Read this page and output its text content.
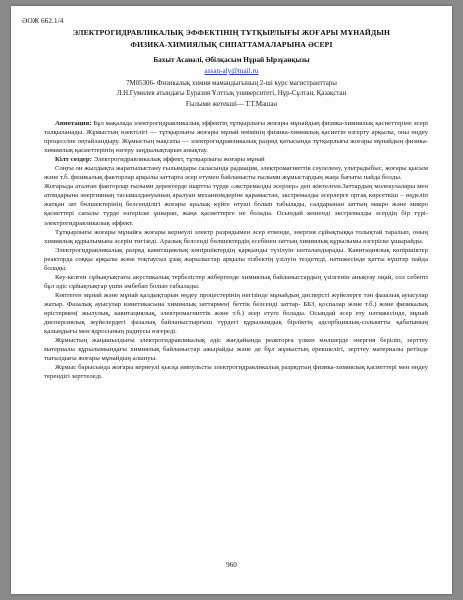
ӘОЖ 662.1/4
ЭЛЕКТРОГИДРАВЛИКАЛЫҚ ЭФФЕКТІНІҢ ТҰТҚЫРЛЫҒЫ ЖОҒАРЫ МҰНАЙДЫН
ФИЗИКА-ХИМИЯЛЫҚ СИПАТТАМАЛАРЫНА ӘСЕРІ
Бахыт Асанәлі, Әбілқасым Нұрай Ырзұанқызы
assan-aly@mail.ru
7М05306- Физикалық химия мамандығының 2-ші курс магистранттары
Л.Н.Гумилев атындағы Еуразия Ұлттық университеті, Нұр-Сұлтан, Қазақстан
Ғылыми жетекші— Т.Т.Машан

Аннотация: Бұл мақалада электрогидравликалық эффектің тұтқырлығы жоғары мұнайдың физика-химиялық қасиеттеріне әсері талқыланады. Жұмыстың өзектілігі — тұтқырлығы жоғары мұнай өнімінің физика-химиялық қасиетін өзгерту арқылы, оны өңдеу процессіне оңтайландыру. Жұмыстың мақсаты — электрогидравликалық разряд қатысында тұтқырлығы жоғары мұнайдың физика-химиялық қасиеттерінің өзгеру заңдылықтарын анықтау.

Кілт сөздер: Электрогидравликалық эффект, тұтқырлығы жоғары мұнай

Соңғы он жылдықта жаратылыстану ғылымдары саласында радиация, электромагниттік сәулелену, ультрадыбыс, жоғары қысым және т.б. физикалық факторлар арқылы заттарға әсер етумен байланысты ғылыми жұмыстардың жаңа бағыты пайда болды.

Жоғарыда аталған факторлар ғылыми деректерде шартты түрде «экстремалды әсерлер» деп жіктелген.Заттардың молекулалары мен атомдарына энергияның тасымалдануының аралуан механизмдеріне қарамастан, экстремалды әсерлерге ортақ көрсеткіш – өңделіп жатқан зат бөлшектерінің белсенділігі жоғары аралық күйге өтуші болып табылады, салдарынан заттың макро және микро қасиеттері сапалы түрде өзгеріске ұшырап, жаңа қасиеттерге не болады. Осындай кешенді экстремалды әсердің бір түрі- электрогидравликалық эффект.

Тұтқырлығы жоғары мұнайға жоғары кернеулі электр разрядымен әсер еткенде, энергия сұйықтыққа толықтай таралып, оның химиялық құрылымына әсерін тигізеді. Аралық белсенді бөлшектердің есебінен заттың химиялық құрылымы өзгеріске ұшырайды.

Электрогидравликалық разряд кавитациялық көпіршіктердің қарқынды түзілуін ынталандырады. Кавитациялық көпіршіктер реакторда соққы арқылы және тоқтаусыз ұзақ жарылыстар арқылы тізбектің үзілуін тездетеді, нәтижесінде қатты күштер пайда болады.

Кеу-келген сұйықтықтағы акустикалық тербелістер жібергенде химиялық байланыстардың үзілгенін анықтау оңай, сол себепті бұл әдіс сұйықтықтар үшін әмбебап болып табылады.

Көптеген мұнай және мұнай қалдықтарын өңдеу процестерінің негізінде мұнайдың дисперсті жүйелерге тән фазалық ауысулар жатыр. Фазалық ауысулар кинетикасына химиялық заттармен( беттік белсенді заттар- ББЗ, қоспалар және т.б.) және физикалық өрістермен( жылулық, кавитациялық, электромагниттік және т.б.) әсер етуге болады. Осындай әсер ету нәтижесінде, мұнай дисперсиялық жүйелердегі фазалық байланыстырғыш түрдегі құрылымдық бірліктің адсорбциялық-сольватты қабатының қалыңдығы мен ядросының радиусы өзгереді.

Жұмыстың жаңашылдығы электрогидравликалық әдіс жағдайында реакторға үлкен мөлшерде энергия беріліп, зерттеу материалы құрылымындағы химиялық байланыстар ажырайды және де бұл жұмыстың ерекшелігі, зерттеу материалы ретінде тығыздығы жоғары мұнайдың алынуы.

Жұмыс барысында жоғары кернеулі қысқа импульсты электрогидравликалық разрядтың физика-химиялық қасиеттері мен өңдеу терендігі зерттеледі.

960
